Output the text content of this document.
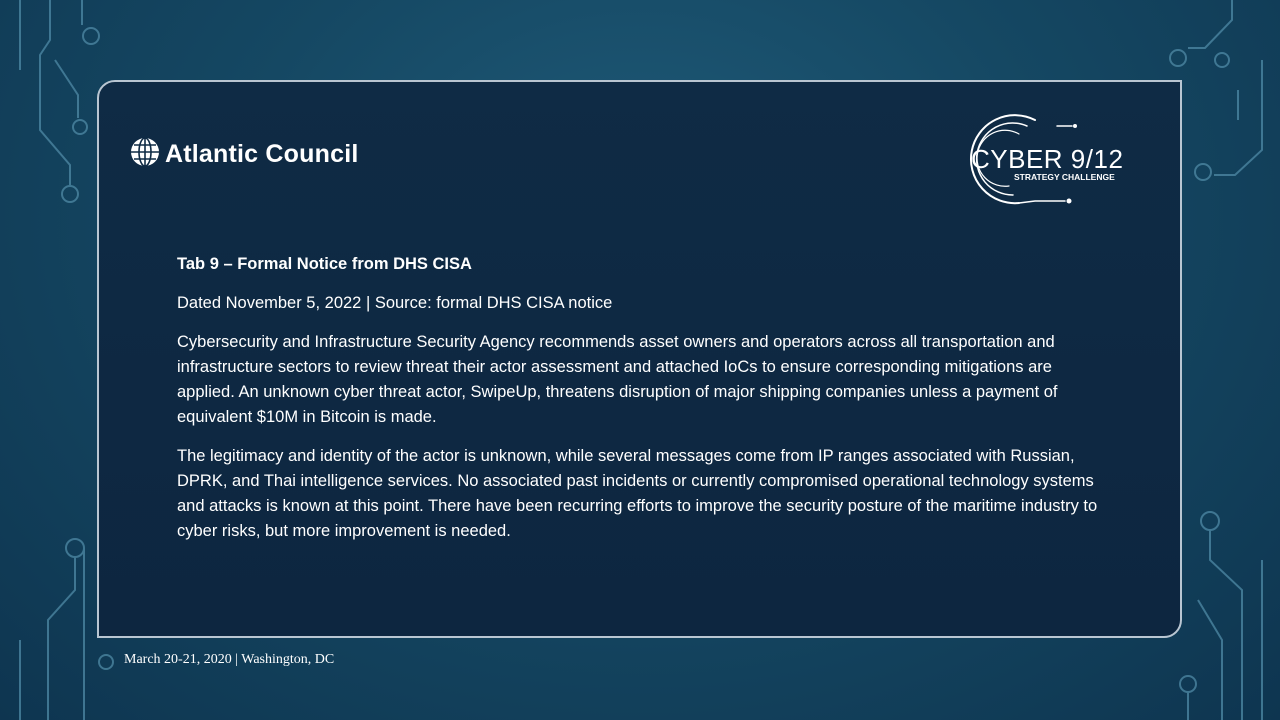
Atlantic Council	CYBER 9/12
STRATEGY CHALLENGE

Tab 9 – Formal Notice from DHS CISA

Dated November 5, 2022 | Source: formal DHS CISA notice

Cybersecurity and Infrastructure Security Agency recommends asset owners and operators across all transportation and infrastructure sectors to review threat their actor assessment and attached IoCs to ensure corresponding mitigations are applied. An unknown cyber threat actor, SwipeUp, threatens disruption of major shipping companies unless a payment of equivalent $10M in Bitcoin is made.

The legitimacy and identity of the actor is unknown, while several messages come from IP ranges associated with Russian, DPRK, and Thai intelligence services. No associated past incidents or currently compromised operational technology systems and attacks is known at this point. There have been recurring efforts to improve the security posture of the maritime industry to cyber risks, but more improvement is needed.

March 20-21, 2020 | Washington, DC
